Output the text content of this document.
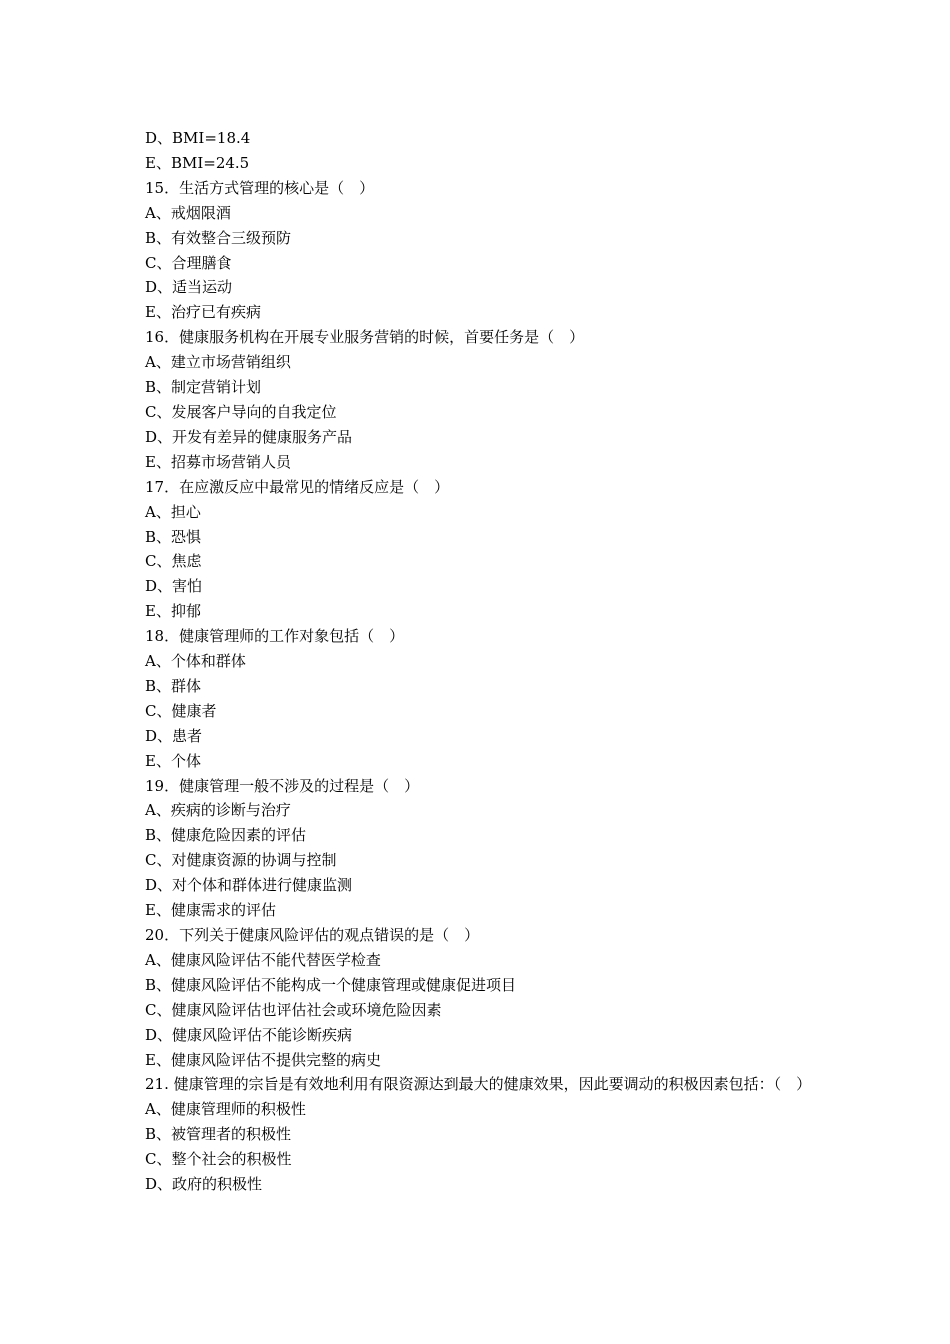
D、BMI=18.4
E、BMI=24.5
15．生活方式管理的核心是（　）
A、戒烟限酒
B、有效整合三级预防
C、合理膳食
D、适当运动
E、治疗已有疾病
16．健康服务机构在开展专业服务营销的时候，首要任务是（　）
A、建立市场营销组织
B、制定营销计划
C、发展客户导向的自我定位
D、开发有差异的健康服务产品
E、招募市场营销人员
17．在应激反应中最常见的情绪反应是（　）
A、担心
B、恐惧
C、焦虑
D、害怕
E、抑郁
18．健康管理师的工作对象包括（　）
A、个体和群体
B、群体
C、健康者
D、患者
E、个体
19．健康管理一般不涉及的过程是（　）
A、疾病的诊断与治疗
B、健康危险因素的评估
C、对健康资源的协调与控制
D、对个体和群体进行健康监测
E、健康需求的评估
20．下列关于健康风险评估的观点错误的是（　）
A、健康风险评估不能代替医学检查
B、健康风险评估不能构成一个健康管理或健康促进项目
C、健康风险评估也评估社会或环境危险因素
D、健康风险评估不能诊断疾病
E、健康风险评估不提供完整的病史
21. 健康管理的宗旨是有效地利用有限资源达到最大的健康效果，因此要调动的积极因素包括：（　）
A、健康管理师的积极性
B、被管理者的积极性
C、整个社会的积极性
D、政府的积极性
